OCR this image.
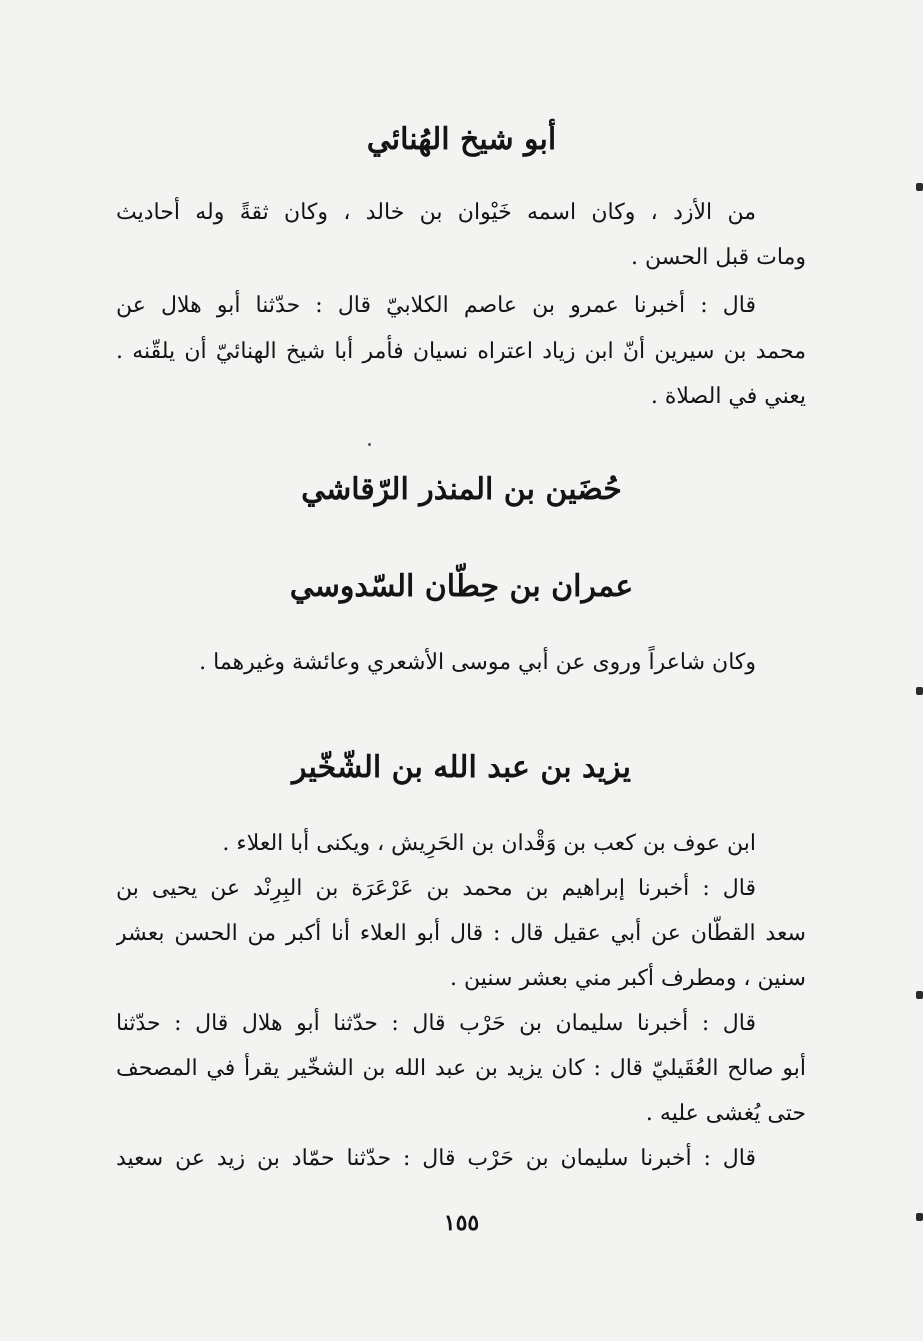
أبو شيخ الهُنائي
من الأزد ، وكان اسمه خَيْوان بن خالد ، وكان ثقةً وله أحاديث
ومات قبل الحسن .
قال : أخبرنا عمرو بن عاصم الكلابيّ قال : حدّثنا أبو هلال عن
محمد بن سيرين أنّ ابن زياد اعتراه نسيان فأمر أبا شيخ الهنائيّ أن يلقّنه .
يعني في الصلاة .
حُضَين بن المنذر الرّقاشي
عمران بن حِطّان السّدوسي
وكان شاعراً وروى عن أبي موسى الأشعري وعائشة وغيرهما .
يزيد بن عبد الله بن الشّخّير
ابن عوف بن كعب بن وَقْدان بن الحَرِيش ، ويكنى أبا العلاء .
قال : أخبرنا إبراهيم بن محمد بن عَرْعَرَة بن البِرِنْد عن يحيى بن
سعد القطّان عن أبي عقيل قال : قال أبو العلاء أنا أكبر من الحسن بعشر
سنين ، ومطرف أكبر مني بعشر سنين .
قال : أخبرنا سليمان بن حَرْب قال : حدّثنا أبو هلال قال : حدّثنا
أبو صالح العُقَيليّ قال : كان يزيد بن عبد الله بن الشخّير يقرأ في المصحف
حتى يُغشى عليه .
قال : أخبرنا سليمان بن حَرْب قال : حدّثنا حمّاد بن زيد عن سعيد
١٥٥
